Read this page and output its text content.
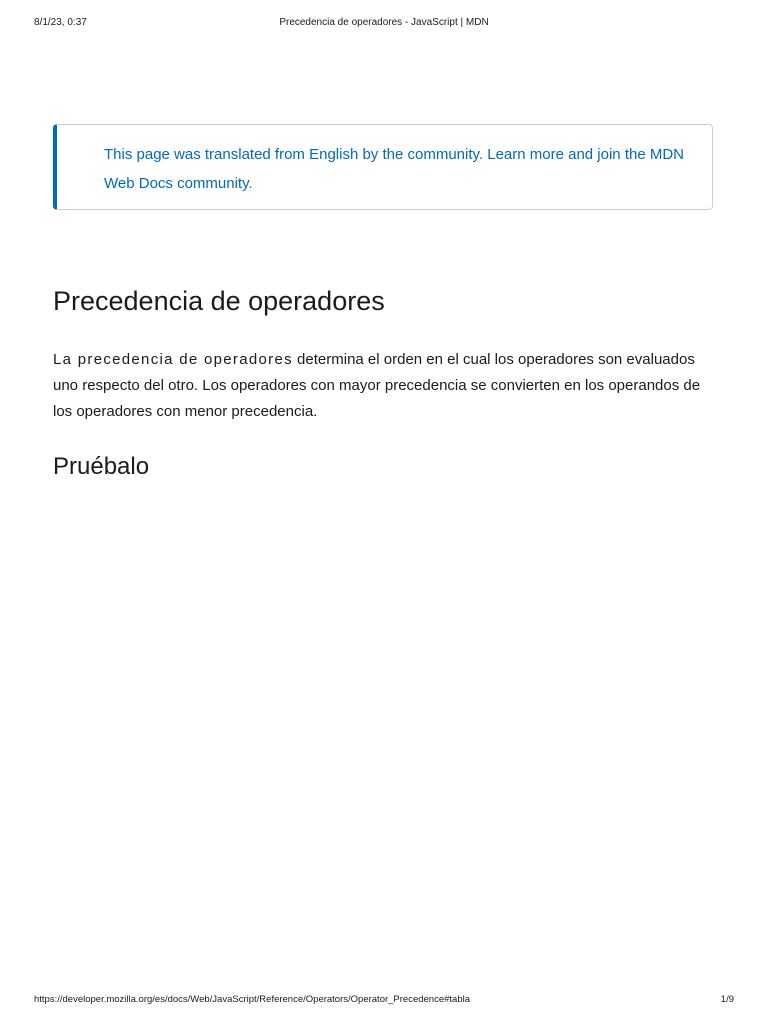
8/1/23, 0:37	Precedencia de operadores - JavaScript | MDN
This page was translated from English by the community. Learn more and join the MDN Web Docs community.
Precedencia de operadores

La precedencia de operadores determina el orden en el cual los operadores son evaluados uno respecto del otro. Los operadores con mayor precedencia se convierten en los operandos de los operadores con menor precedencia.

Pruébalo
https://developer.mozilla.org/es/docs/Web/JavaScript/Reference/Operators/Operator_Precedence#tabla	1/9
